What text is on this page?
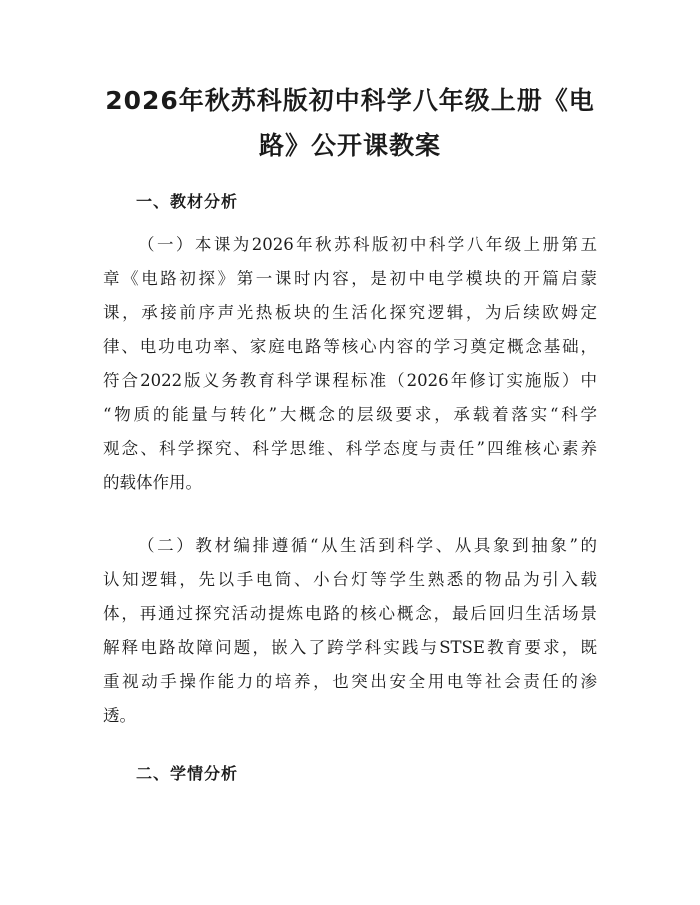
2026年秋苏科版初中科学八年级上册《电
路》公开课教案
一、教材分析

（一）本课为2026年秋苏科版初中科学八年级上册第五
章《电路初探》第一课时内容，是初中电学模块的开篇启蒙
课，承接前序声光热板块的生活化探究逻辑，为后续欧姆定
律、电功电功率、家庭电路等核心内容的学习奠定概念基础，
符合2022版义务教育科学课程标准（2026年修订实施版）中
“物质的能量与转化”大概念的层级要求，承载着落实“科学
观念、科学探究、科学思维、科学态度与责任”四维核心素养
的载体作用。

（二）教材编排遵循“从生活到科学、从具象到抽象”的
认知逻辑，先以手电筒、小台灯等学生熟悉的物品为引入载
体，再通过探究活动提炼电路的核心概念，最后回归生活场景
解释电路故障问题，嵌入了跨学科实践与STSE教育要求，既
重视动手操作能力的培养，也突出安全用电等社会责任的渗
透。

二、学情分析
